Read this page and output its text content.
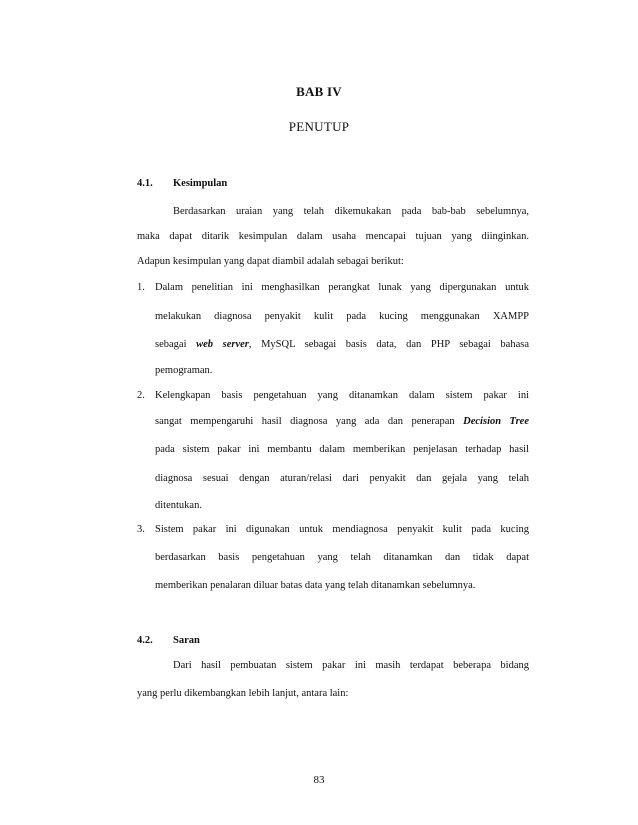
BAB IV
PENUTUP
4.1. Kesimpulan
Berdasarkan uraian yang telah dikemukakan pada bab-bab sebelumnya,
maka dapat ditarik kesimpulan dalam usaha mencapai tujuan yang diinginkan.
Adapun kesimpulan yang dapat diambil adalah sebagai berikut:
1. Dalam penelitian ini menghasilkan perangkat lunak yang dipergunakan untuk
melakukan diagnosa penyakit kulit pada kucing menggunakan XAMPP
sebagai web server, MySQL sebagai basis data, dan PHP sebagai bahasa
pemograman.
2. Kelengkapan basis pengetahuan yang ditanamkan dalam sistem pakar ini
sangat mempengaruhi hasil diagnosa yang ada dan penerapan Decision Tree
pada sistem pakar ini membantu dalam memberikan penjelasan terhadap hasil
diagnosa sesuai dengan aturan/relasi dari penyakit dan gejala yang telah
ditentukan.
3. Sistem pakar ini digunakan untuk mendiagnosa penyakit kulit pada kucing
berdasarkan basis pengetahuan yang telah ditanamkan dan tidak dapat
memberikan penalaran diluar batas data yang telah ditanamkan sebelumnya.
4.2. Saran
Dari hasil pembuatan sistem pakar ini masih terdapat beberapa bidang
yang perlu dikembangkan lebih lanjut, antara lain:
83
